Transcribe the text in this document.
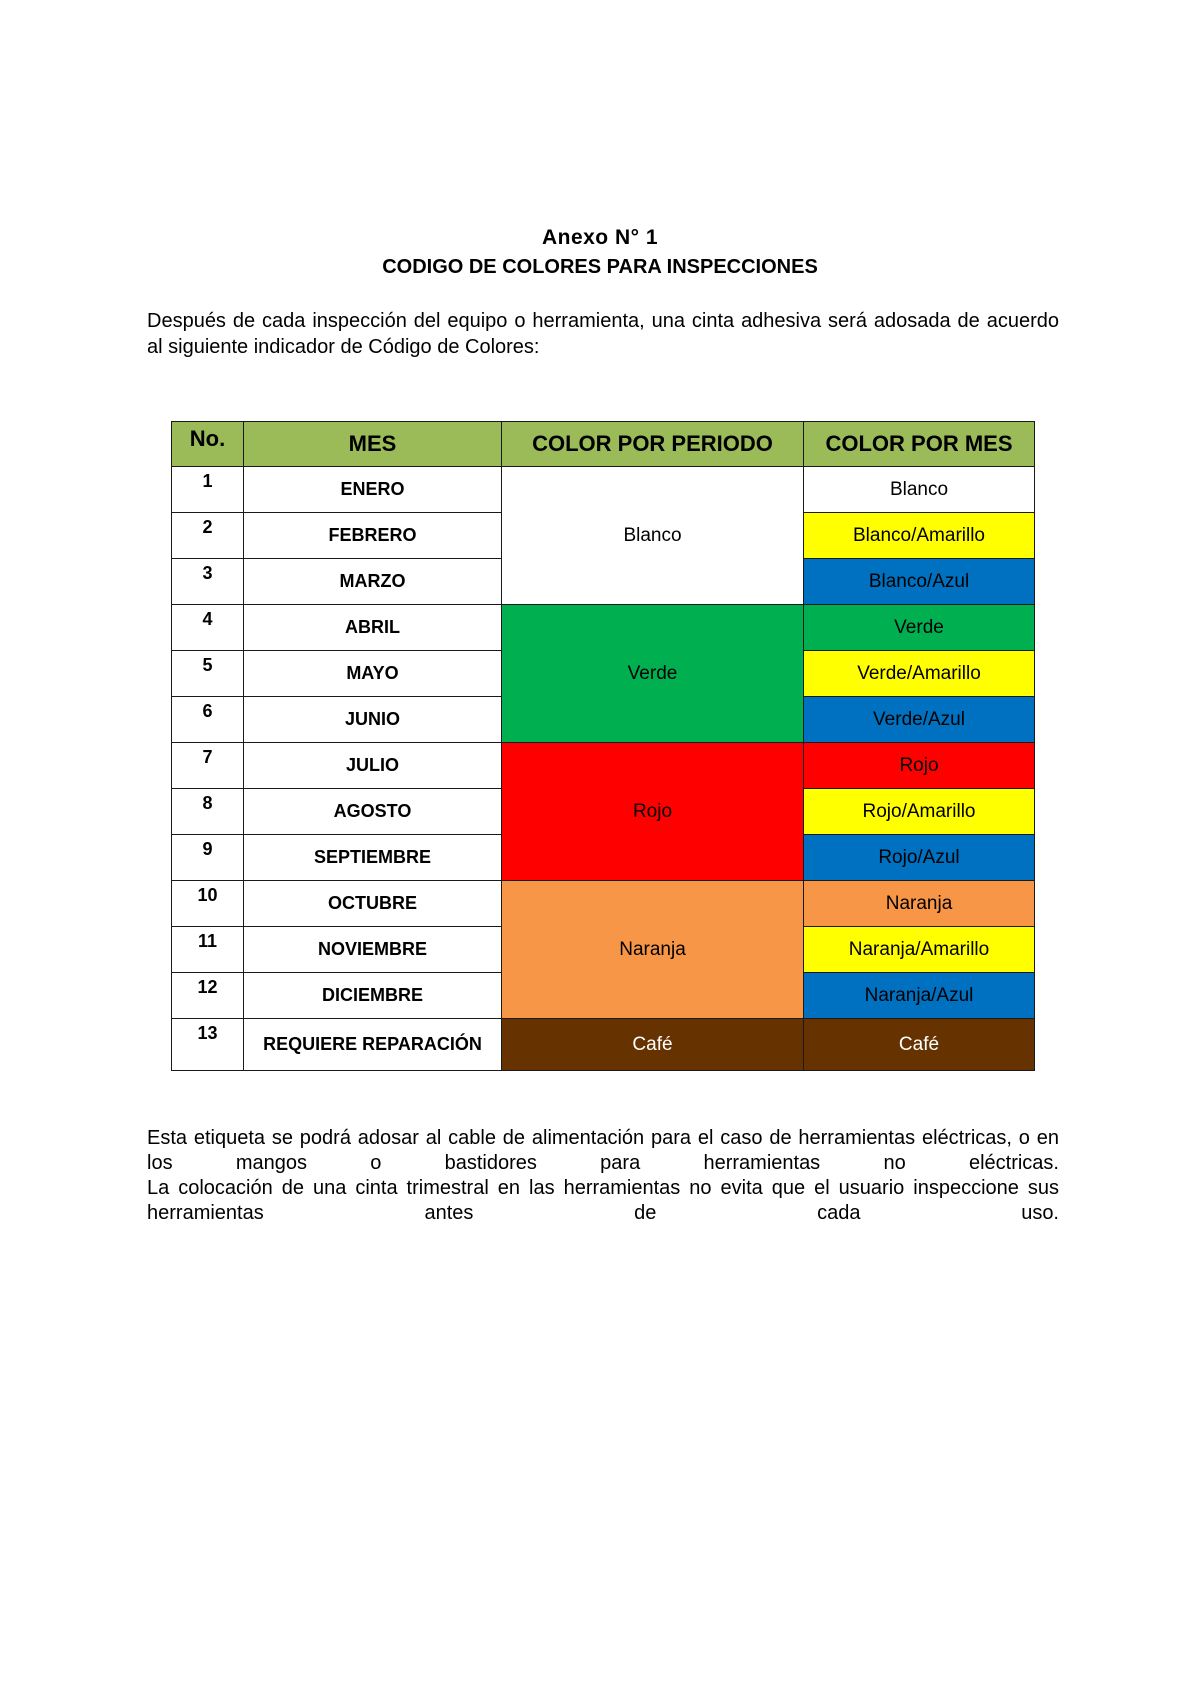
Anexo N° 1
CODIGO DE COLORES PARA INSPECCIONES
Después de cada inspección del equipo o herramienta, una cinta adhesiva será adosada de acuerdo al siguiente indicador de Código de Colores:
No.	MES	COLOR POR PERIODO	COLOR POR MES
1	ENERO	Blanco	Blanco
2	FEBRERO		Blanco/Amarillo
3	MARZO		Blanco/Azul
4	ABRIL	Verde	Verde
5	MAYO		Verde/Amarillo
6	JUNIO		Verde/Azul
7	JULIO	Rojo	Rojo
8	AGOSTO		Rojo/Amarillo
9	SEPTIEMBRE		Rojo/Azul
10	OCTUBRE	Naranja	Naranja
11	NOVIEMBRE		Naranja/Amarillo
12	DICIEMBRE		Naranja/Azul
13	REQUIERE REPARACIÓN	Café	Café

Esta etiqueta se podrá adosar al cable de alimentación para el caso de herramientas eléctricas, o en los mangos o bastidores para herramientas no eléctricas.

La colocación de una cinta trimestral en las herramientas no evita que el usuario inspeccione sus herramientas antes de cada uso.
